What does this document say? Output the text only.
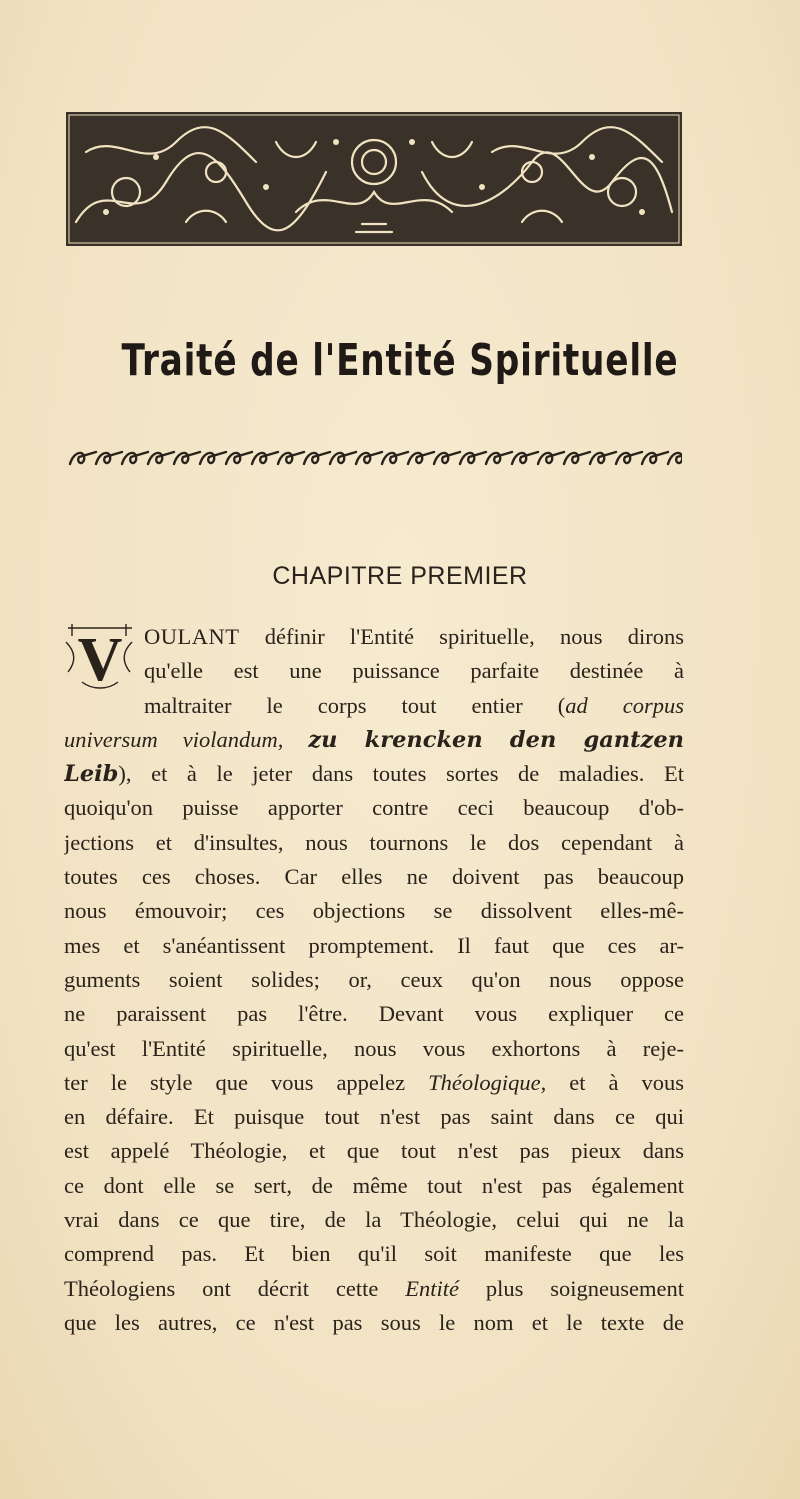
Traité de l'Entité Spirituelle
CHAPITRE PREMIER
V OULANT définir l'Entité spirituelle, nous dirons
qu'elle est une puissance parfaite destinée à
maltraiter le corps tout entier (ad corpus
universum violandum, zu krencken den gantzen
Leib), et à le jeter dans toutes sortes de maladies. Et
quoiqu'on puisse apporter contre ceci beaucoup d'ob-
jections et d'insultes, nous tournons le dos cependant à
toutes ces choses. Car elles ne doivent pas beaucoup
nous émouvoir; ces objections se dissolvent elles-mê-
mes et s'anéantissent promptement. Il faut que ces ar-
guments soient solides; or, ceux qu'on nous oppose
ne paraissent pas l'être. Devant vous expliquer ce
qu'est l'Entité spirituelle, nous vous exhortons à reje-
ter le style que vous appelez Théologique, et à vous
en défaire. Et puisque tout n'est pas saint dans ce qui
est appelé Théologie, et que tout n'est pas pieux dans
ce dont elle se sert, de même tout n'est pas également
vrai dans ce que tire, de la Théologie, celui qui ne la
comprend pas. Et bien qu'il soit manifeste que les
Théologiens ont décrit cette Entité plus soigneusement
que les autres, ce n'est pas sous le nom et le texte de
